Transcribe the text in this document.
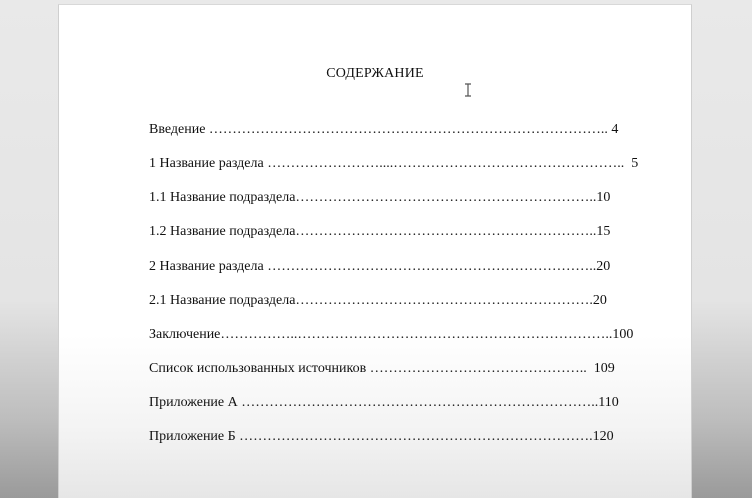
СОДЕРЖАНИЕ
Введение ………………………………………………………………………….. 4
1 Название раздела ……………………....…………………………………………..  5
1.1 Название подраздела………………………………………………………..10
1.2 Название подраздела………………………………………………………..15
2 Название раздела ……………………………………………………………..20
2.1 Название подраздела……………………………………………………….20
Заключение……………..…………………………………………………………..100
Список использованных источников ………………………………………..  109
Приложение А …………………………………………………………………..110
Приложение Б ………………………………………………………………….120
